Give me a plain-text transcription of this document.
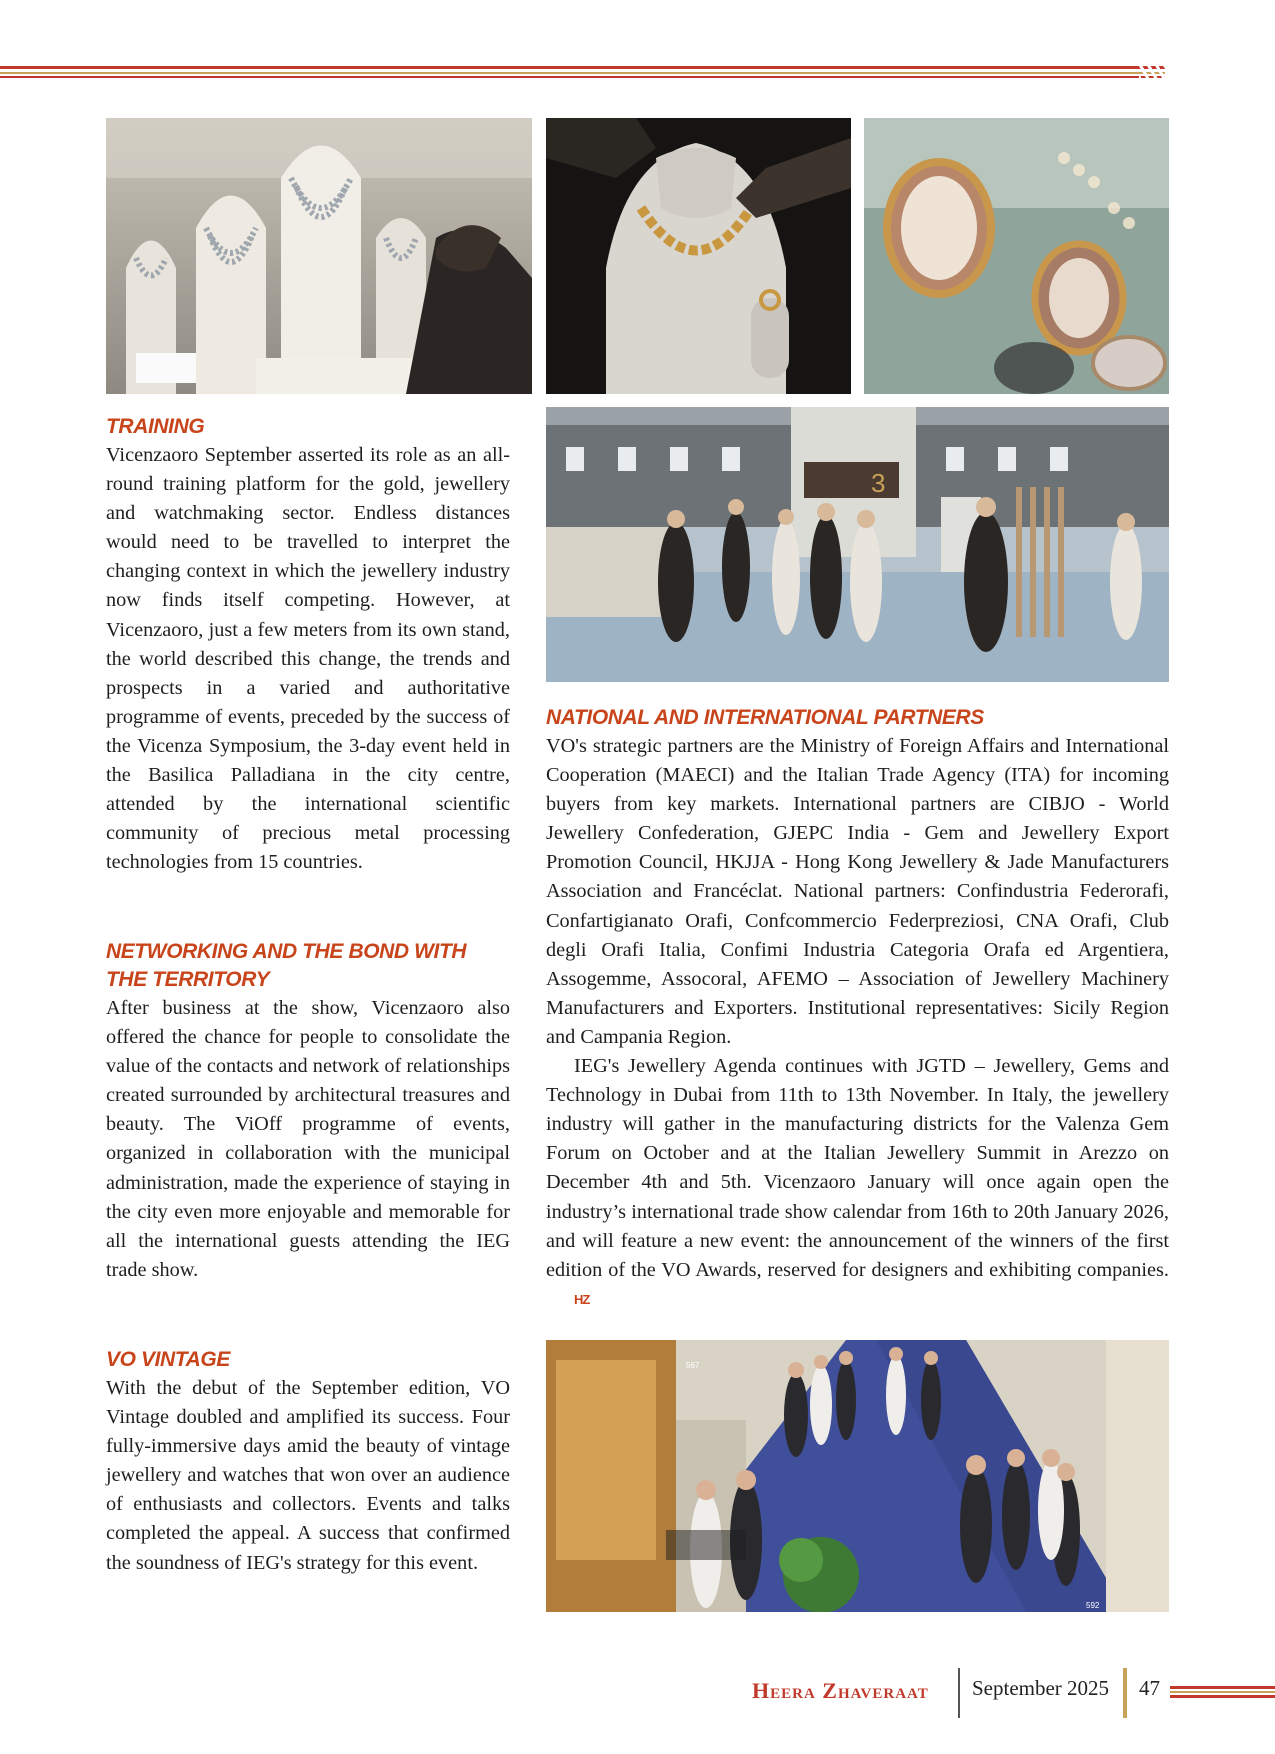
3
567
592
TRAINING

Vicenzaoro September asserted its role as an all-round training platform for the gold, jewellery and watchmaking sector. Endless distances would need to be travelled to interpret the changing context in which the jewellery industry now finds itself competing. However, at Vicenzaoro, just a few meters from its own stand, the world described this change, the trends and prospects in a varied and authoritative programme of events, preceded by the success of the Vicenza Symposium, the 3-day event held in the Basilica Palladiana in the city centre, attended by the international scientific community of precious metal processing technologies from 15 countries.

NETWORKING AND THE BOND WITH
THE TERRITORY

After business at the show, Vicenzaoro also offered the chance for people to consolidate the value of the contacts and network of relationships created surrounded by architectural treasures and beauty. The ViOff programme of events, organized in collaboration with the municipal administration, made the experience of staying in the city even more enjoyable and memorable for all the international guests attending the IEG trade show.

VO VINTAGE

With the debut of the September edition, VO Vintage doubled and amplified its success. Four fully-immersive days amid the beauty of vintage jewellery and watches that won over an audience of enthusiasts and collectors. Events and talks completed the appeal. A success that confirmed the soundness of IEG's strategy for this event.

NATIONAL AND INTERNATIONAL PARTNERS

VO's strategic partners are the Ministry of Foreign Affairs and International Cooperation (MAECI) and the Italian Trade Agency (ITA) for incoming buyers from key markets. International partners are CIBJO - World Jewellery Confederation, GJEPC India - Gem and Jewellery Export Promotion Council, HKJJA - Hong Kong Jewellery & Jade Manufacturers Association and Francéclat. National partners: Confindustria Federorafi, Confartigianato Orafi, Confcommercio Federpreziosi, CNA Orafi, Club degli Orafi Italia, Confimi Industria Categoria Orafa ed Argentiera, Assogemme, Assocoral, AFEMO – Association of Jewellery Machinery Manufacturers and Exporters. Institutional representatives: Sicily Region and Campania Region.

IEG's Jewellery Agenda continues with JGTD – Jewellery, Gems and Technology in Dubai from 11th to 13th November. In Italy, the jewellery industry will gather in the manufacturing districts for the Valenza Gem Forum on October and at the Italian Jewellery Summit in Arezzo on December 4th and 5th. Vicenzaoro January will once again open the industry’s international trade show calendar from 16th to 20th January 2026, and will feature a new event: the announcement of the winners of the first edition of the VO Awards, reserved for designers and exhibiting companies. HZ

Heera Zhaveraat September 2025 47
